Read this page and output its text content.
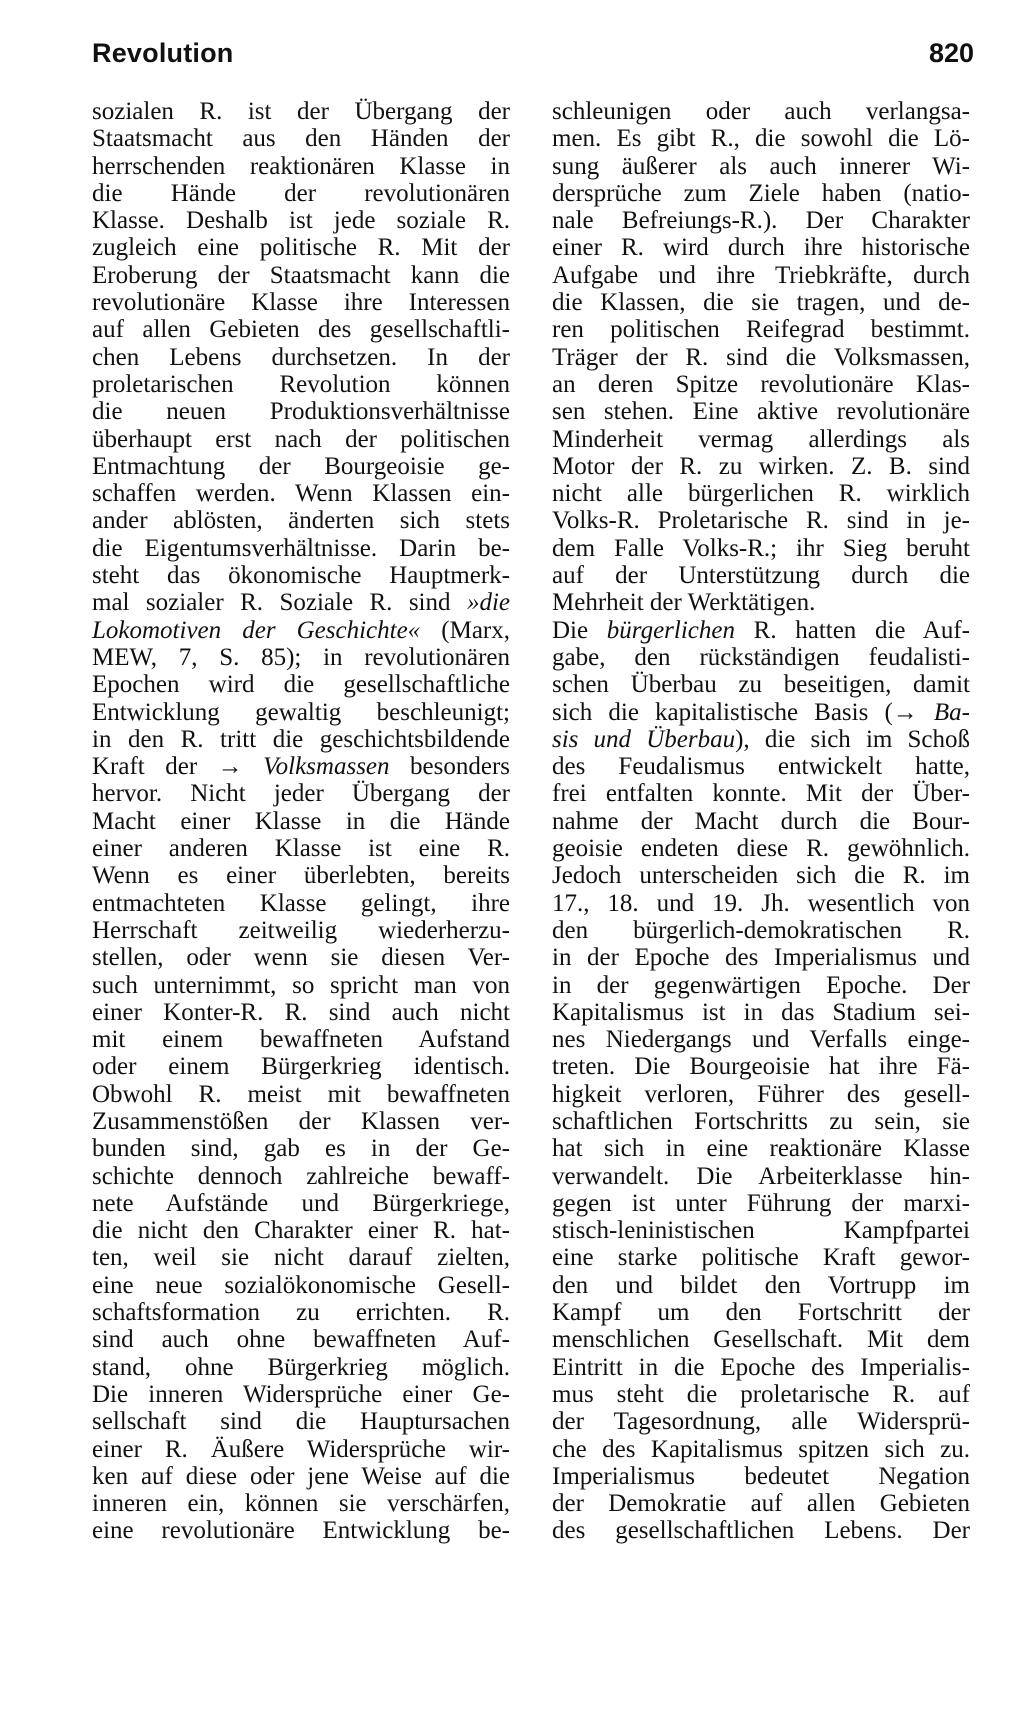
Revolution	820
sozialen R. ist der Übergang der
Staatsmacht aus den Händen der
herrschenden reaktionären Klasse in
die Hände der revolutionären
Klasse. Deshalb ist jede soziale R.
zugleich eine politische R. Mit der
Eroberung der Staatsmacht kann die
revolutionäre Klasse ihre Interessen
auf allen Gebieten des gesellschaftli-
chen Lebens durchsetzen. In der
proletarischen Revolution können
die neuen Produktionsverhältnisse
überhaupt erst nach der politischen
Entmachtung der Bourgeoisie ge-
schaffen werden. Wenn Klassen ein-
ander ablösten, änderten sich stets
die Eigentumsverhältnisse. Darin be-
steht das ökonomische Hauptmerk-
mal sozialer R. Soziale R. sind »die
Lokomotiven der Geschichte« (Marx,
MEW, 7, S. 85); in revolutionären
Epochen wird die gesellschaftliche
Entwicklung gewaltig beschleunigt;
in den R. tritt die geschichtsbildende
Kraft der → Volksmassen besonders
hervor. Nicht jeder Übergang der
Macht einer Klasse in die Hände
einer anderen Klasse ist eine R.
Wenn es einer überlebten, bereits
entmachteten Klasse gelingt, ihre
Herrschaft zeitweilig wiederherzu-
stellen, oder wenn sie diesen Ver-
such unternimmt, so spricht man von
einer Konter-R. R. sind auch nicht
mit einem bewaffneten Aufstand
oder einem Bürgerkrieg identisch.
Obwohl R. meist mit bewaffneten
Zusammenstößen der Klassen ver-
bunden sind, gab es in der Ge-
schichte dennoch zahlreiche bewaff-
nete Aufstände und Bürgerkriege,
die nicht den Charakter einer R. hat-
ten, weil sie nicht darauf zielten,
eine neue sozialökonomische Gesell-
schaftsformation zu errichten. R.
sind auch ohne bewaffneten Auf-
stand, ohne Bürgerkrieg möglich.
Die inneren Widersprüche einer Ge-
sellschaft sind die Hauptursachen
einer R. Äußere Widersprüche wir-
ken auf diese oder jene Weise auf die
inneren ein, können sie verschärfen,
eine revolutionäre Entwicklung be-
schleunigen oder auch verlangsa-
men. Es gibt R., die sowohl die Lö-
sung äußerer als auch innerer Wi-
dersprüche zum Ziele haben (natio-
nale Befreiungs-R.). Der Charakter
einer R. wird durch ihre historische
Aufgabe und ihre Triebkräfte, durch
die Klassen, die sie tragen, und de-
ren politischen Reifegrad bestimmt.
Träger der R. sind die Volksmassen,
an deren Spitze revolutionäre Klas-
sen stehen. Eine aktive revolutionäre
Minderheit vermag allerdings als
Motor der R. zu wirken. Z. B. sind
nicht alle bürgerlichen R. wirklich
Volks-R. Proletarische R. sind in je-
dem Falle Volks-R.; ihr Sieg beruht
auf der Unterstützung durch die
Mehrheit der Werktätigen.
Die bürgerlichen R. hatten die Auf-
gabe, den rückständigen feudalisti-
schen Überbau zu beseitigen, damit
sich die kapitalistische Basis (→ Ba-
sis und Überbau), die sich im Schoß
des Feudalismus entwickelt hatte,
frei entfalten konnte. Mit der Über-
nahme der Macht durch die Bour-
geoisie endeten diese R. gewöhnlich.
Jedoch unterscheiden sich die R. im
17., 18. und 19. Jh. wesentlich von
den bürgerlich-demokratischen R.
in der Epoche des Imperialismus und
in der gegenwärtigen Epoche. Der
Kapitalismus ist in das Stadium sei-
nes Niedergangs und Verfalls einge-
treten. Die Bourgeoisie hat ihre Fä-
higkeit verloren, Führer des gesell-
schaftlichen Fortschritts zu sein, sie
hat sich in eine reaktionäre Klasse
verwandelt. Die Arbeiterklasse hin-
gegen ist unter Führung der marxi-
stisch-leninistischen Kampfpartei
eine starke politische Kraft gewor-
den und bildet den Vortrupp im
Kampf um den Fortschritt der
menschlichen Gesellschaft. Mit dem
Eintritt in die Epoche des Imperialis-
mus steht die proletarische R. auf
der Tagesordnung, alle Widersprü-
che des Kapitalismus spitzen sich zu.
Imperialismus bedeutet Negation
der Demokratie auf allen Gebieten
des gesellschaftlichen Lebens. Der
